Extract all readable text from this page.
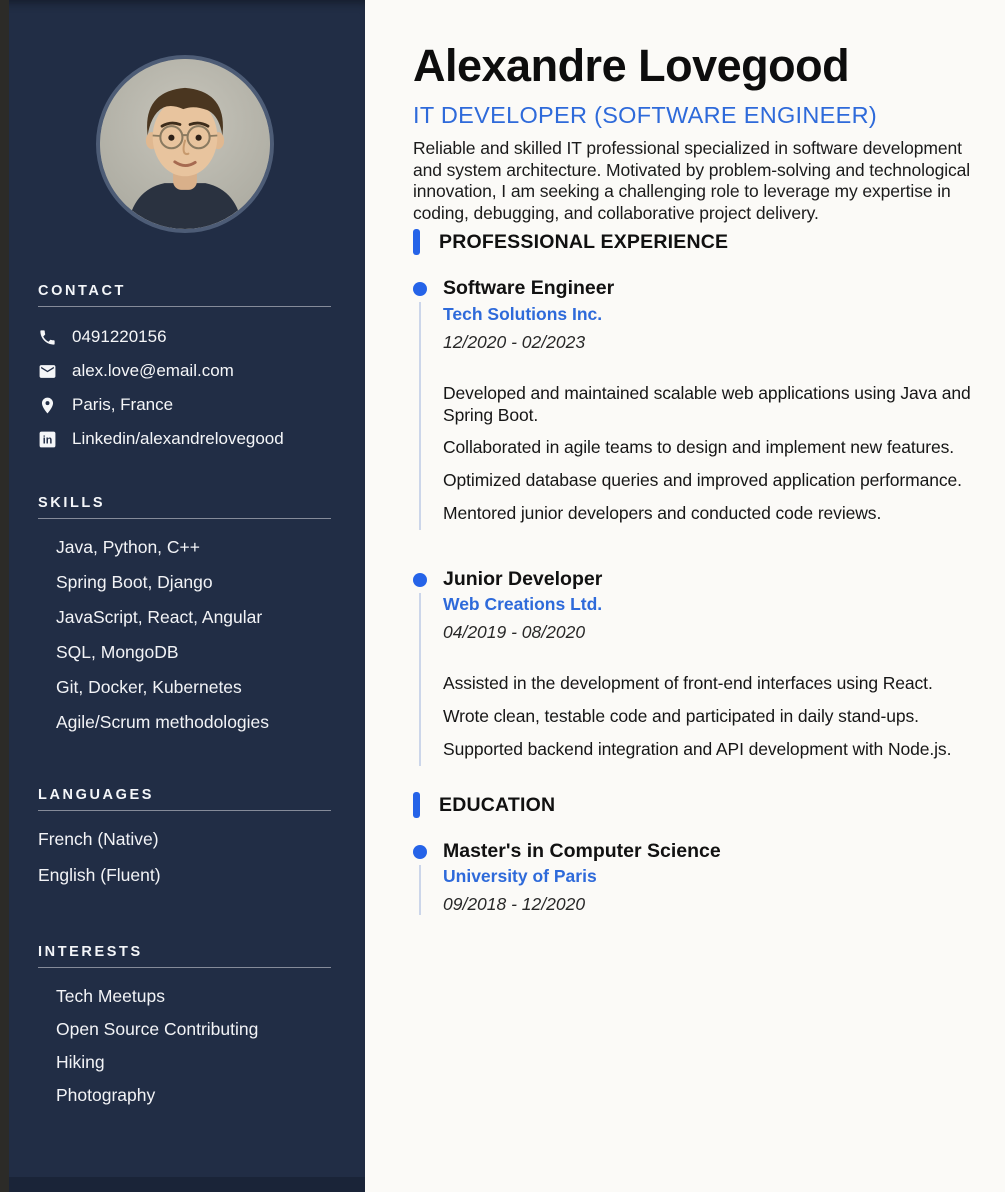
CONTACT
0491220156
alex.love@email.com
Paris, France
in Linkedin/alexandrelovegood
SKILLS
Java, Python, C++
Spring Boot, Django
JavaScript, React, Angular
SQL, MongoDB
Git, Docker, Kubernetes
Agile/Scrum methodologies
LANGUAGES
French (Native)
English (Fluent)
INTERESTS
Tech Meetups
Open Source Contributing
Hiking
Photography
Alexandre Lovegood
IT DEVELOPER (SOFTWARE ENGINEER)

Reliable and skilled IT professional specialized in software development and system architecture. Motivated by problem-solving and technological innovation, I am seeking a challenging role to leverage my expertise in coding, debugging, and collaborative project delivery.

PROFESSIONAL EXPERIENCE
Software Engineer
Tech Solutions Inc.
12/2020 - 02/2023

Developed and maintained scalable web applications using Java and Spring Boot.

Collaborated in agile teams to design and implement new features.

Optimized database queries and improved application performance.

Mentored junior developers and conducted code reviews.

Junior Developer
Web Creations Ltd.
04/2019 - 08/2020

Assisted in the development of front-end interfaces using React.

Wrote clean, testable code and participated in daily stand-ups.

Supported backend integration and API development with Node.js.

EDUCATION
Master's in Computer Science
University of Paris
09/2018 - 12/2020
